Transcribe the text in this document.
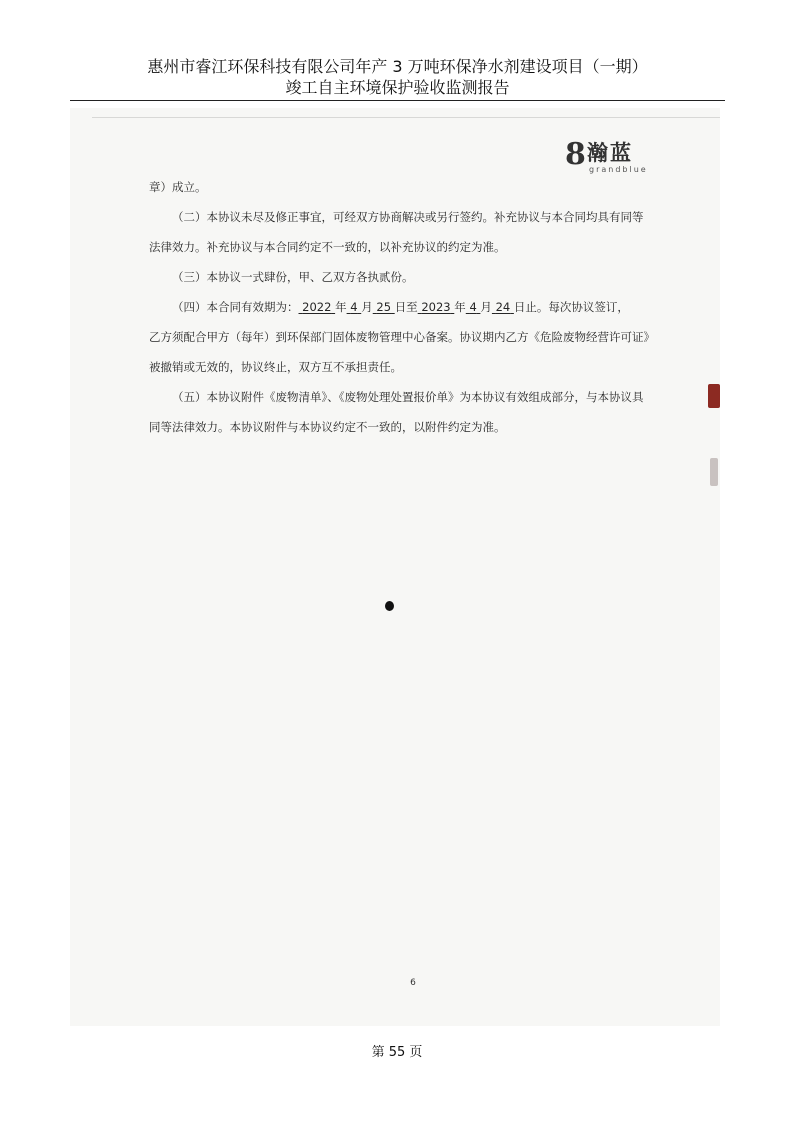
惠州市睿江环保科技有限公司年产 3 万吨环保净水剂建设项目（一期）
竣工自主环境保护验收监测报告
8 瀚蓝
grandblue
章）成立。
（二）本协议未尽及修正事宜，可经双方协商解决或另行签约。补充协议与本合同均具有同等
法律效力。补充协议与本合同约定不一致的，以补充协议的约定为准。
（三）本协议一式肆份，甲、乙双方各执贰份。
（四）本合同有效期为： 2022 年 4 月 25 日至 2023 年 4 月 24 日止。每次协议签订，
乙方须配合甲方（每年）到环保部门固体废物管理中心备案。协议期内乙方《危险废物经营许可证》
被撤销或无效的，协议终止，双方互不承担责任。
（五）本协议附件《废物清单》、《废物处理处置报价单》为本协议有效组成部分，与本协议具
同等法律效力。本协议附件与本协议约定不一致的，以附件约定为准。
6
第 55 页
